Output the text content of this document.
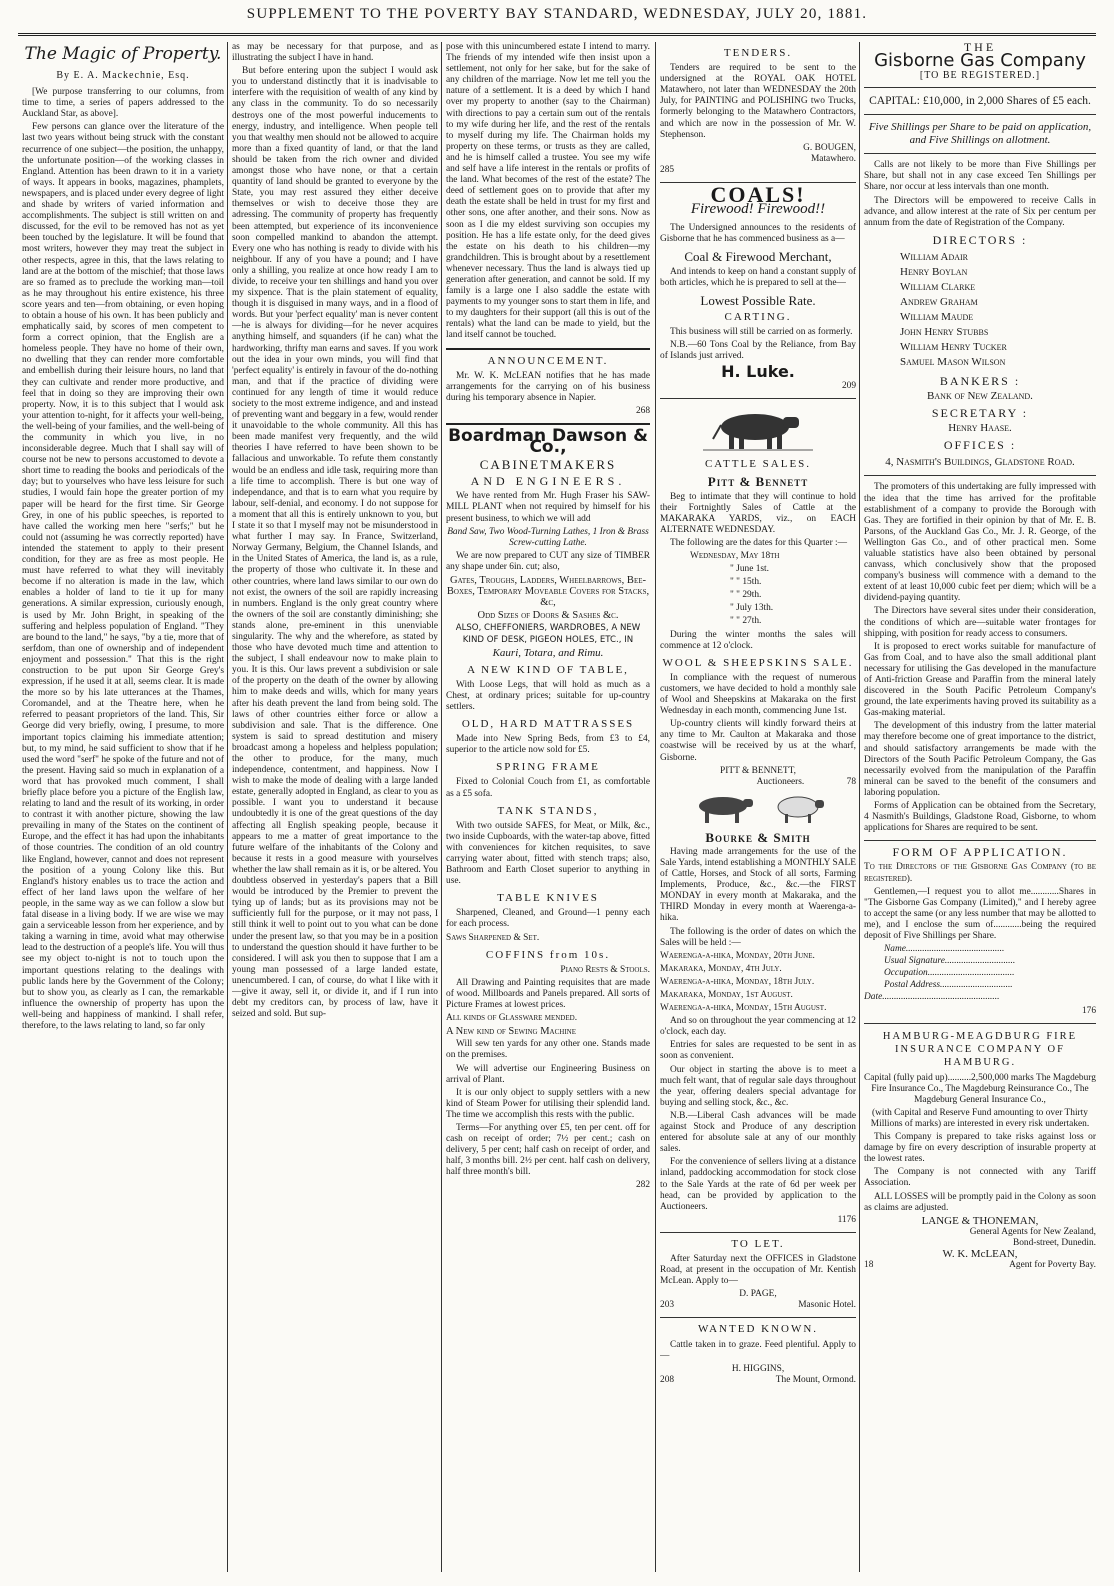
SUPPLEMENT TO THE POVERTY BAY STANDARD, WEDNESDAY, JULY 20, 1881.
The Magic of Property.
By E. A. Mackechnie, Esq.

[We purpose transferring to our columns, from time to time, a series of papers addressed to the Auckland Star, as above].

Few persons can glance over the literature of the last two years without being struck with the constant recurrence of one subject—the position, the unhappy, the unfortunate position—of the working classes in England. Attention has been drawn to it in a variety of ways. It appears in books, magazines, phamplets, newspapers, and is placed under every degree of light and shade by writers of varied information and accomplishments. The subject is still written on and discussed, for the evil to be removed has not as yet been touched by the legislature. It will be found that most writers, however they may treat the subject in other respects, agree in this, that the laws relating to land are at the bottom of the mischief; that those laws are so framed as to preclude the working man—toil as he may throughout his entire existence, his three score years and ten—from obtaining, or even hoping to obtain a house of his own. It has been publicly and emphatically said, by scores of men competent to form a correct opinion, that the English are a homeless people. They have no home of their own, no dwelling that they can render more comfortable and embellish during their leisure hours, no land that they can cultivate and render more productive, and feel that in doing so they are improving their own property. Now, it is to this subject that I would ask your attention to-night, for it affects your well-being, the well-being of your families, and the well-being of the community in which you live, in no inconsiderable degree. Much that I shall say will of course not be new to persons accustomed to devote a short time to reading the books and periodicals of the day; but to yourselves who have less leisure for such studies, I would fain hope the greater portion of my paper will be heard for the first time. Sir George Grey, in one of his public speeches, is reported to have called the working men here "serfs;" but he could not (assuming he was correctly reported) have intended the statement to apply to their present condition, for they are as free as most people. He must have referred to what they will inevitably become if no alteration is made in the law, which enables a holder of land to tie it up for many generations. A similar expression, curiously enough, is used by Mr. John Bright, in speaking of the suffering and helpless population of England. "They are bound to the land," he says, "by a tie, more that of serfdom, than one of ownership and of independent enjoyment and possession." That this is the right construction to be put upon Sir George Grey's expression, if he used it at all, seems clear. It is made the more so by his late utterances at the Thames, Coromandel, and at the Theatre here, when he referred to peasant proprietors of the land. This, Sir George did very briefly, owing, I presume, to more important topics claiming his immediate attention; but, to my mind, he said sufficient to show that if he used the word "serf" he spoke of the future and not of the present. Having said so much in explanation of a word that has provoked much comment, I shall briefly place before you a picture of the English law, relating to land and the result of its working, in order to contrast it with another picture, showing the law prevailing in many of the States on the continent of Europe, and the effect it has had upon the inhabitants of those countries. The condition of an old country like England, however, cannot and does not represent the position of a young Colony like this. But England's history enables us to trace the action and effect of her land laws upon the welfare of her people, in the same way as we can follow a slow but fatal disease in a living body. If we are wise we may gain a serviceable lesson from her experience, and by taking a warning in time, avoid what may otherwise lead to the destruction of a people's life. You will thus see my object to-night is not to touch upon the important questions relating to the dealings with public lands here by the Government of the Colony; but to show you, as clearly as I can, the remarkable influence the ownership of property has upon the well-being and happiness of mankind. I shall refer, therefore, to the laws relating to land, so far only

as may be necessary for that purpose, and as illustrating the subject I have in hand.

But before entering upon the subject I would ask you to understand distinctly that it is inadvisable to interfere with the requisition of wealth of any kind by any class in the community. To do so necessarily destroys one of the most powerful inducements to energy, industry, and intelligence. When people tell you that wealthy men should not be allowed to acquire more than a fixed quantity of land, or that the land should be taken from the rich owner and divided amongst those who have none, or that a certain quantity of land should be granted to everyone by the State, you may rest assured they either deceive themselves or wish to deceive those they are adressing. The community of property has frequently been attempted, but experience of its inconvenience soon compelled mankind to abandon the attempt. Every one who has nothing is ready to divide with his neighbour. If any of you have a pound; and I have only a shilling, you realize at once how ready I am to divide, to receive your ten shillings and hand you over my sixpence. That is the plain statement of equality, though it is disguised in many ways, and in a flood of words. But your 'perfect equality' man is never content—he is always for dividing—for he never acquires anything himself, and squanders (if he can) what the hardworking, thrifty man earns and saves. If you work out the idea in your own minds, you will find that 'perfect equality' is entirely in favour of the do-nothing man, and that if the practice of dividing were continued for any length of time it would reduce society to the most extreme indigence, and and instead of preventing want and beggary in a few, would render it unavoidable to the whole community. All this has been made manifest very frequently, and the wild theories I have referred to have been shown to be fallacious and unworkable. To refute them constantly would be an endless and idle task, requiring more than a life time to accomplish. There is but one way of independance, and that is to earn what you require by labour, self-denial, and economy. I do not suppose for a moment that all this is entirely unknown to you, but I state it so that I myself may not be misunderstood in what further I may say. In France, Switzerland, Norway Germany, Belgium, the Channel Islands, and in the United States of America, the land is, as a rule, the property of those who cultivate it. In these and other countries, where land laws similar to our own do not exist, the owners of the soil are rapidly increasing in numbers. England is the only great country where the owners of the soil are constantly diminishing; she stands alone, pre-eminent in this unenviable singularity. The why and the wherefore, as stated by those who have devoted much time and attention to the subject, I shall endeavour now to make plain to you. It is this. Our laws prevent a subdivision or sale of the property on the death of the owner by allowing him to make deeds and wills, which for many years after his death prevent the land from being sold. The laws of other countries either force or allow a subdivision and sale. That is the difference. One system is said to spread destitution and misery broadcast among a hopeless and helpless population; the other to produce, for the many, much independence, contentment, and happiness. Now I wish to make the mode of dealing with a large landed estate, generally adopted in England, as clear to you as possible. I want you to understand it because undoubtedly it is one of the great questions of the day affecting all English speaking people, because it appears to me a matter of great importance to the future welfare of the inhabitants of the Colony and because it rests in a good measure with yourselves whether the law shall remain as it is, or be altered. You doubtless observed in yesterday's papers that a Bill would be introduced by the Premier to prevent the tying up of lands; but as its provisions may not be sufficiently full for the purpose, or it may not pass, I still think it well to point out to you what can be done under the present law, so that you may be in a position to understand the question should it have further to be considered. I will ask you then to suppose that I am a young man possessed of a large landed estate, unencumbered. I can, of course, do what I like with it—give it away, sell it, or divide it, and if I run into debt my creditors can, by process of law, have it seized and sold. But sup-

pose with this unincumbered estate I intend to marry. The friends of my intended wife then insist upon a settlement, not only for her sake, but for the sake of any children of the marriage. Now let me tell you the nature of a settlement. It is a deed by which I hand over my property to another (say to the Chairman) with directions to pay a certain sum out of the rentals to my wife during her life, and the rest of the rentals to myself during my life. The Chairman holds my property on these terms, or trusts as they are called, and he is himself called a trustee. You see my wife and self have a life interest in the rentals or profits of the land. What becomes of the rest of the estate? The deed of settlement goes on to provide that after my death the estate shall be held in trust for my first and other sons, one after another, and their sons. Now as soon as I die my eldest surviving son occupies my position. He has a life estate only, for the deed gives the estate on his death to his children—my grandchildren. This is brought about by a resettlement whenever necessary. Thus the land is always tied up generation after generation, and cannot be sold. If my family is a large one I also saddle the estate with payments to my younger sons to start them in life, and to my daughters for their support (all this is out of the rentals) what the land can be made to yield, but the land itself cannot be touched.

ANNOUNCEMENT.

Mr. W. K. McLEAN notifies that he has made arrangements for the carrying on of his business during his temporary absence in Napier.

268
Boardman Dawson & Co.,
CABINETMAKERS
AND ENGINEERS.

We have rented from Mr. Hugh Fraser his SAW-MILL PLANT when not required by himself for his present business, to which we will add

Band Saw, Two Wood-Turning Lathes, 1 Iron & Brass Screw-cutting Lathe.

We are now prepared to CUT any size of TIMBER any shape under 6in. cut; also,

Gates, Troughs, Ladders, Wheelbarrows, Bee-Boxes, Temporary Moveable Covers for Stacks, &c,

Odd Sizes of Doors & Sashes &c.

ALSO, CHEFFONIERS, WARDROBES, A NEW KIND OF DESK, PIGEON HOLES, ETC., IN

Kauri, Totara, and Rimu.

A NEW KIND OF TABLE,

With Loose Legs, that will hold as much as a Chest, at ordinary prices; suitable for up-country settlers.

OLD, HARD MATTRASSES

Made into New Spring Beds, from £3 to £4, superior to the article now sold for £5.

SPRING FRAME

Fixed to Colonial Couch from £1, as comfortable as a £5 sofa.

TANK STANDS,

With two outside SAFES, for Meat, or Milk, &c., two inside Cupboards, with the water-tap above, fitted with conveniences for kitchen requisites, to save carrying water about, fitted with stench traps; also, Bathroom and Earth Closet superior to anything in use.

TABLE KNIVES

Sharpened, Cleaned, and Ground—1 penny each for each process.

Saws Sharpened & Set.

COFFINS from 10s.

Piano Rests & Stools.

All Drawing and Painting requisites that are made of wood. Millboards and Panels prepared. All sorts of Picture Frames at lowest prices.

All kinds of Glassware mended.

A New kind of Sewing Machine

Will sew ten yards for any other one. Stands made on the premises.

We will advertise our Engineering Business on arrival of Plant.

It is our only object to supply settlers with a new kind of Steam Power for utilising their splendid land. The time we accomplish this rests with the public.

Terms—For anything over £5, ten per cent. off for cash on receipt of order; 7½ per cent.; cash on delivery, 5 per cent; half cash on receipt of order, and half, 3 months bill. 2½ per cent. half cash on delivery, half three month's bill.

282
TENDERS.

Tenders are required to be sent to the undersigned at the ROYAL OAK HOTEL Matawhero, not later than WEDNESDAY the 20th July, for PAINTING and POLISHING two Trucks, formerly belonging to the Matawhero Contractors, and which are now in the possession of Mr. W. Stephenson.

G. BOUGEN,
Matawhero.
285
COALS!
Firewood! Firewood!!

The Undersigned announces to the residents of Gisborne that he has commenced business as a—

Coal & Firewood Merchant,

And intends to keep on hand a constant supply of both articles, which he is prepared to sell at the—

Lowest Possible Rate.
CARTING.

This business will still be carried on as formerly.

N.B.—60 Tons Coal by the Reliance, from Bay of Islands just arrived.

H. Luke.
209
CATTLE SALES.
Pitt & Bennett

Beg to intimate that they will continue to hold their Fortnightly Sales of Cattle at the MAKARAKA YARDS, viz., on EACH ALTERNATE WEDNESDAY.

The following are the dates for this Quarter :—

Wednesday, May 18th

" June 1st.

" " 15th.

" " 29th.

" July 13th.

" " 27th.

During the winter months the sales will commence at 12 o'clock.

WOOL & SHEEPSKINS SALE.

In compliance with the request of numerous customers, we have decided to hold a monthly sale of Wool and Sheepskins at Makaraka on the first Wednesday in each month, commencing June 1st.

Up-country clients will kindly forward theirs at any time to Mr. Caulton at Makaraka and those coastwise will be received by us at the wharf, Gisborne.

PITT & BENNETT,
Auctioneers.	78
Bourke & Smith

Having made arrangements for the use of the Sale Yards, intend establishing a MONTHLY SALE of Cattle, Horses, and Stock of all sorts, Farming Implements, Produce, &c., &c.—the FIRST MONDAY in every month at Makaraka, and the THIRD Monday in every month at Waerenga-a-hika.

The following is the order of dates on which the Sales will be held :—

Waerenga-a-hika, Monday, 20th June.

Makaraka, Monday, 4th July.

Waerenga-a-hika, Monday, 18th July.

Makaraka, Monday, 1st August.

Waerenga-a-hika, Monday, 15th August.

And so on throughout the year commencing at 12 o'clock, each day.

Entries for sales are requested to be sent in as soon as convenient.

Our object in starting the above is to meet a much felt want, that of regular sale days throughout the year, offering dealers special advantage for buying and selling stock, &c., &c.

N.B.—Liberal Cash advances will be made against Stock and Produce of any description entered for absolute sale at any of our monthly sales.

For the convenience of sellers living at a distance inland, paddocking accommodation for stock close to the Sale Yards at the rate of 6d per week per head, can be provided by application to the Auctioneers.

1176
TO LET.

After Saturday next the OFFICES in Gladstone Road, at present in the occupation of Mr. Kentish McLean. Apply to—

D. PAGE,
203	Masonic Hotel.
WANTED KNOWN.

Cattle taken in to graze. Feed plentiful. Apply to—

H. HIGGINS,
208	The Mount, Ormond.
THE
Gisborne Gas Company
[TO BE REGISTERED.]

CAPITAL: £10,000, in 2,000 Shares of £5 each.

Five Shillings per Share to be paid on application, and Five Shillings on allotment.

Calls are not likely to be more than Five Shillings per Share, but shall not in any case exceed Ten Shillings per Share, nor occur at less intervals than one month.

The Directors will be empowered to receive Calls in advance, and allow interest at the rate of Six per centum per annum from the date of Registration of the Company.

DIRECTORS :

William Adair

Henry Boylan

William Clarke

Andrew Graham

William Maude

John Henry Stubbs

William Henry Tucker

Samuel Mason Wilson

BANKERS :

Bank of New Zealand.

SECRETARY :

Henry Haase.

OFFICES :

4, Nasmith's Buildings, Gladstone Road.

The promoters of this undertaking are fully impressed with the idea that the time has arrived for the profitable establishment of a company to provide the Borough with Gas. They are fortified in their opinion by that of Mr. E. B. Parsons, of the Auckland Gas Co., Mr. J. R. George, of the Wellington Gas Co., and of other practical men. Some valuable statistics have also been obtained by personal canvass, which conclusively show that the proposed company's business will commence with a demand to the extent of at least 10,000 cubic feet per diem; which will be a dividend-paying quantity.

The Directors have several sites under their consideration, the conditions of which are—suitable water frontages for shipping, with position for ready access to consumers.

It is proposed to erect works suitable for manufacture of Gas from Coal, and to have also the small additional plant necessary for utilising the Gas developed in the manufacture of Anti-friction Grease and Paraffin from the mineral lately discovered in the South Pacific Petroleum Company's ground, the late experiments having proved its suitability as a Gas-making material.

The development of this industry from the latter material may therefore become one of great importance to the district, and should satisfactory arrangements be made with the Directors of the South Pacific Petroleum Company, the Gas necessarily evolved from the manipulation of the Paraffin mineral can be saved to the benefit of the consumers and laboring population.

Forms of Application can be obtained from the Secretary, 4 Nasmith's Buildings, Gladstone Road, Gisborne, to whom applications for Shares are required to be sent.

FORM OF APPLICATION.

To the Directors of the Gisborne Gas Company (to be registered).

Gentlemen,—I request you to allot me............Shares in "The Gisborne Gas Company (Limited)," and I hereby agree to accept the same (or any less number that may be allotted to me), and I enclose the sum of............being the required deposit of Five Shillings per Share.

Name..........................................

Usual Signature..............................

Occupation.....................................

Postal Address...............................

Date..................................................

176
HAMBURG-MEAGDBURG FIRE INSURANCE COMPANY OF HAMBURG.

Capital (fully paid up)..........2,500,000 marks The Magdeburg Fire Insurance Co., The Magdeburg Reinsurance Co., The Magdeburg General Insurance Co.,

(with Capital and Reserve Fund amounting to over Thirty Millions of marks) are interested in every risk undertaken.

This Company is prepared to take risks against loss or damage by fire on every description of insurable property at the lowest rates.

The Company is not connected with any Tariff Association.

ALL LOSSES will be promptly paid in the Colony as soon as claims are adjusted.

LANGE & THONEMAN,
General Agents for New Zealand,
Bond-street, Dunedin.
W. K. McLEAN,
18	Agent for Poverty Bay.
